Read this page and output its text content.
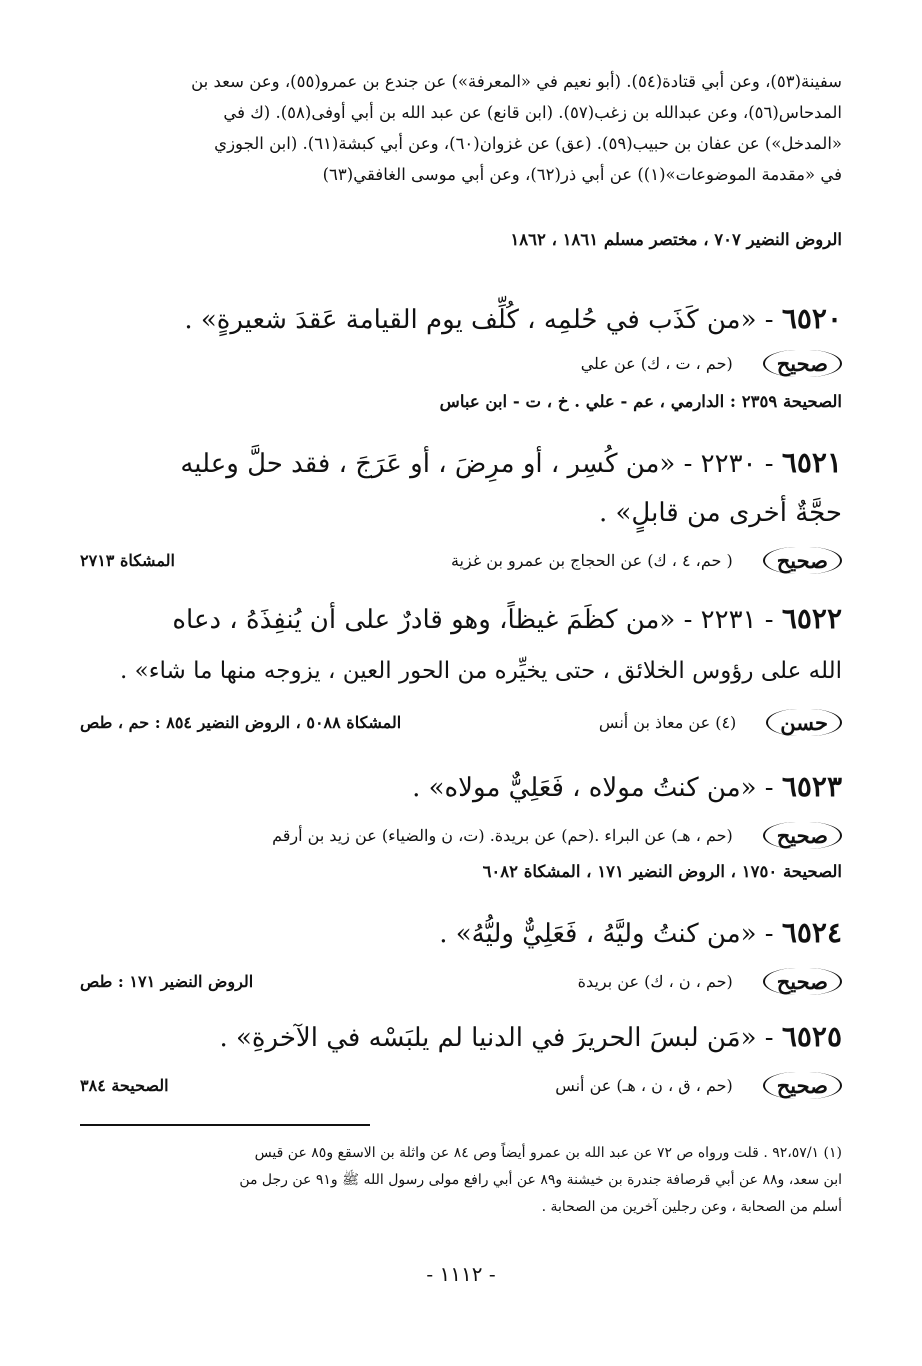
سفينة(٥٣)، وعن أبي قتادة(٥٤). (أبو نعيم في «المعرفة») عن جندع بن عمرو(٥٥)، وعن سعد بن
المدحاس(٥٦)، وعن عبدالله بن زغب(٥٧). (ابن قانع) عن عبد الله بن أبي أوفى(٥٨). (ك في
«المدخل») عن عفان بن حبيب(٥٩). (عق) عن غزوان(٦٠)، وعن أبي كبشة(٦١). (ابن الجوزي
في «مقدمة الموضوعات»(١)) عن أبي ذر(٦٢)، وعن أبي موسى الغافقي(٦٣)
الروض النضير ٧٠٧ ، مختصر مسلم ١٨٦١ ، ١٨٦٢
٦٥٢٠ - «من كَذَب في حُلمِه ، كُلِّف يوم القيامة عَقدَ شعيرةٍ» .
صحيح
(حم ، ت ، ك) عن علي
الصحيحة ٢٣٥٩ : الدارمي ، عم - علي . خ ، ت - ابن عباس
٦٥٢١ - ٢٢٣٠ - «من كُسِر ، أو مرِضَ ، أو عَرَجَ ، فقد حلَّ وعليه
حجَّةٌ أخرى من قابلٍ» .
صحيح
( حم، ٤ ، ك) عن الحجاج بن عمرو بن غزية
المشكاة ٢٧١٣
٦٥٢٢ - ٢٢٣١ - «من كظَمَ غيظاً، وهو قادرٌ على أن يُنفِذَهُ ، دعاه
الله على رؤوس الخلائق ، حتى يخيِّره من الحور العين ، يزوجه منها ما شاء» .
حسن
(٤) عن معاذ بن أنس
المشكاة ٥٠٨٨ ، الروض النضير ٨٥٤ : حم ، طص
٦٥٢٣ - «من كنتُ مولاه ، فَعَلِيٌّ مولاه» .
صحيح
(حم ، هـ) عن البراء .(حم) عن بريدة. (ت، ن والضياء) عن زيد بن أرقم
الصحيحة ١٧٥٠ ، الروض النضير ١٧١ ، المشكاة ٦٠٨٢
٦٥٢٤ - «من كنتُ وليَّهُ ، فَعَلِيٌّ وليُّهُ» .
صحيح
(حم ، ن ، ك) عن بريدة
الروض النضير ١٧١ : طص
٦٥٢٥ - «مَن لبسَ الحريرَ في الدنيا لم يلبَسْه في الآخرةِ» .
صحيح
(حم ، ق ، ن ، هـ) عن أنس
الصحيحة ٣٨٤
(١) ٩٢،٥٧/١ . قلت ورواه ص ٧٢ عن عبد الله بن عمرو أيضاً وص ٨٤ عن واثلة بن الاسقع و٨٥ عن قيس
ابن سعد، و٨٨ عن أبي قرصافة جندرة بن خيشنة و٨٩ عن أبي رافع مولى رسول الله ﷺ و٩١ عن رجل من
أسلم من الصحابة ، وعن رجلين آخرين من الصحابة .
- ١١١٢ -
